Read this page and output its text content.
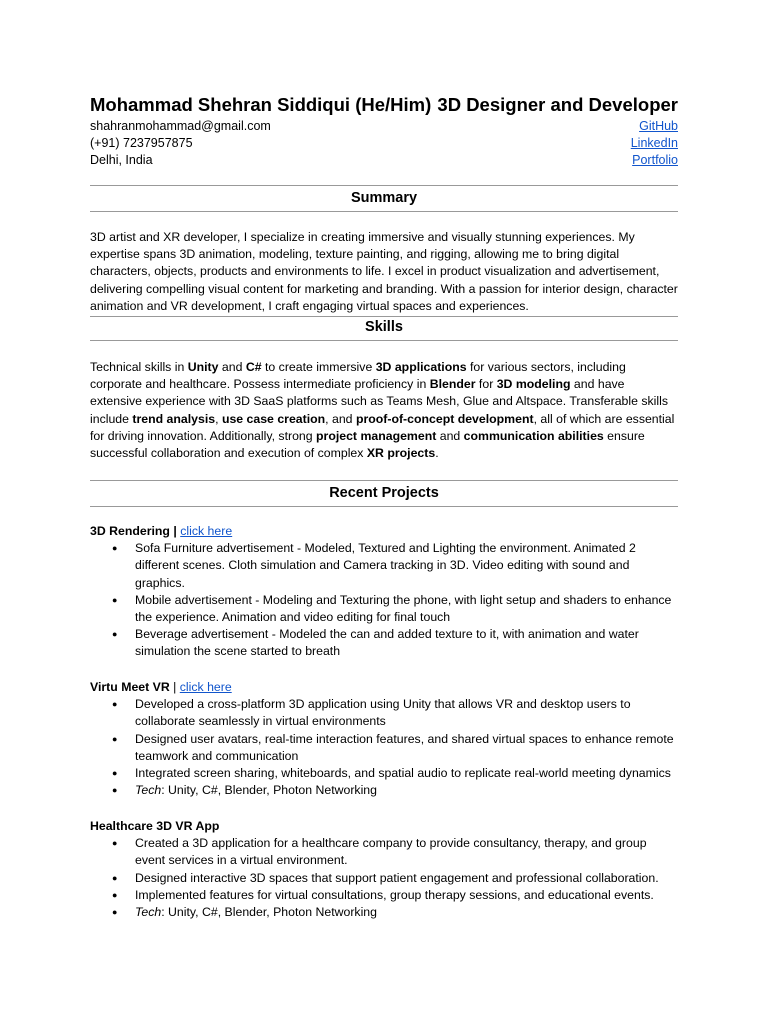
Mohammad Shehran Siddiqui (He/Him) 3D Designer and Developer
shahranmohammad@gmail.com
(+91) 7237957875
Delhi, India
GitHub
LinkedIn
Portfolio
Summary

3D artist and XR developer, I specialize in creating immersive and visually stunning experiences. My expertise spans 3D animation, modeling, texture painting, and rigging, allowing me to bring digital characters, objects, products and environments to life. I excel in product visualization and advertisement, delivering compelling visual content for marketing and branding. With a passion for interior design, character animation and VR development, I craft engaging virtual spaces and experiences.

Skills

Technical skills in Unity and C# to create immersive 3D applications for various sectors, including corporate and healthcare. Possess intermediate proficiency in Blender for 3D modeling and have extensive experience with 3D SaaS platforms such as Teams Mesh, Glue and Altspace. Transferable skills include trend analysis, use case creation, and proof-of-concept development, all of which are essential for driving innovation. Additionally, strong project management and communication abilities ensure successful collaboration and execution of complex XR projects.

Recent Projects
3D Rendering | click here
● Sofa Furniture advertisement - Modeled, Textured and Lighting the environment. Animated 2 different scenes. Cloth simulation and Camera tracking in 3D. Video editing with sound and graphics.
● Mobile advertisement - Modeling and Texturing the phone, with light setup and shaders to enhance the experience. Animation and video editing for final touch
● Beverage advertisement - Modeled the can and added texture to it, with animation and water simulation the scene started to breath
Virtu Meet VR | click here
● Developed a cross-platform 3D application using Unity that allows VR and desktop users to collaborate seamlessly in virtual environments
● Designed user avatars, real-time interaction features, and shared virtual spaces to enhance remote teamwork and communication
● Integrated screen sharing, whiteboards, and spatial audio to replicate real-world meeting dynamics
● Tech: Unity, C#, Blender, Photon Networking
Healthcare 3D VR App
● Created a 3D application for a healthcare company to provide consultancy, therapy, and group event services in a virtual environment.
● Designed interactive 3D spaces that support patient engagement and professional collaboration.
● Implemented features for virtual consultations, group therapy sessions, and educational events.
● Tech: Unity, C#, Blender, Photon Networking
